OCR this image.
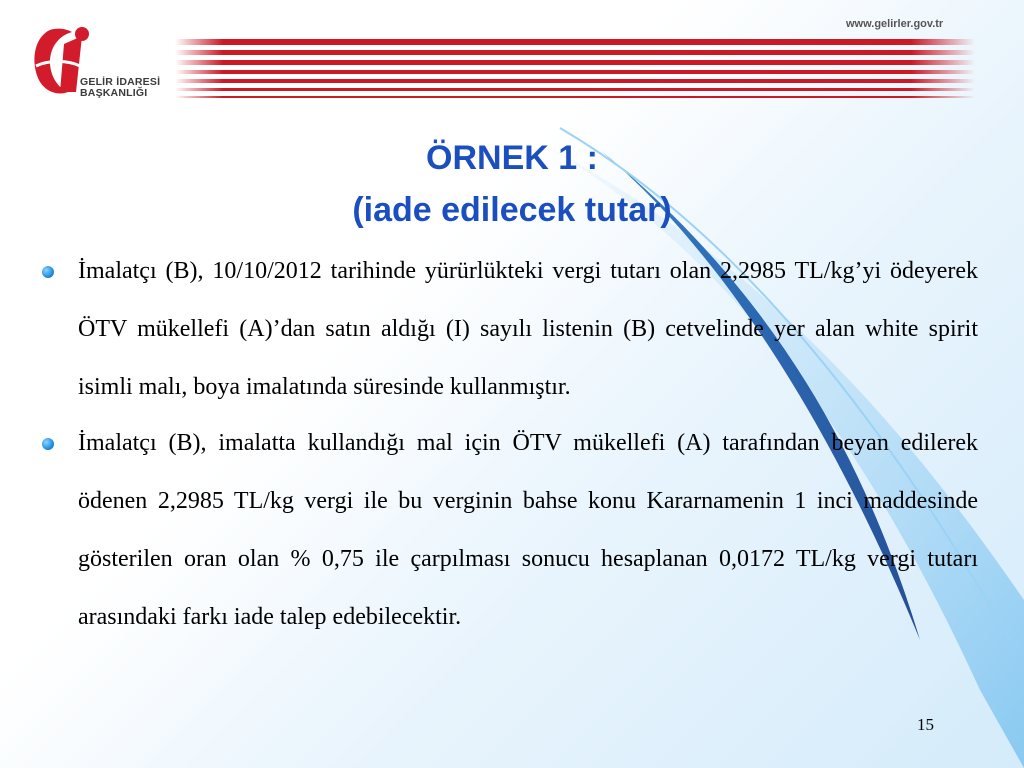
GELİR İDARESİ
BAŞKANLIĞI
www.gelirler.gov.tr
ÖRNEK 1 :
(iade edilecek tutar)
İmalatçı (B), 10/10/2012 tarihinde yürürlükteki vergi tutarı olan 2,2985 TL/kg’yi ödeyerek ÖTV mükellefi (A)’dan satın aldığı (I) sayılı listenin (B) cetvelinde yer alan white spirit isimli malı, boya imalatında süresinde kullanmıştır.
İmalatçı (B), imalatta kullandığı mal için ÖTV mükellefi (A) tarafından beyan edilerek ödenen 2,2985 TL/kg vergi ile bu verginin bahse konu Kararnamenin 1 inci maddesinde gösterilen oran olan % 0,75 ile çarpılması sonucu hesaplanan 0,0172 TL/kg vergi tutarı arasındaki farkı iade talep edebilecektir.
15
